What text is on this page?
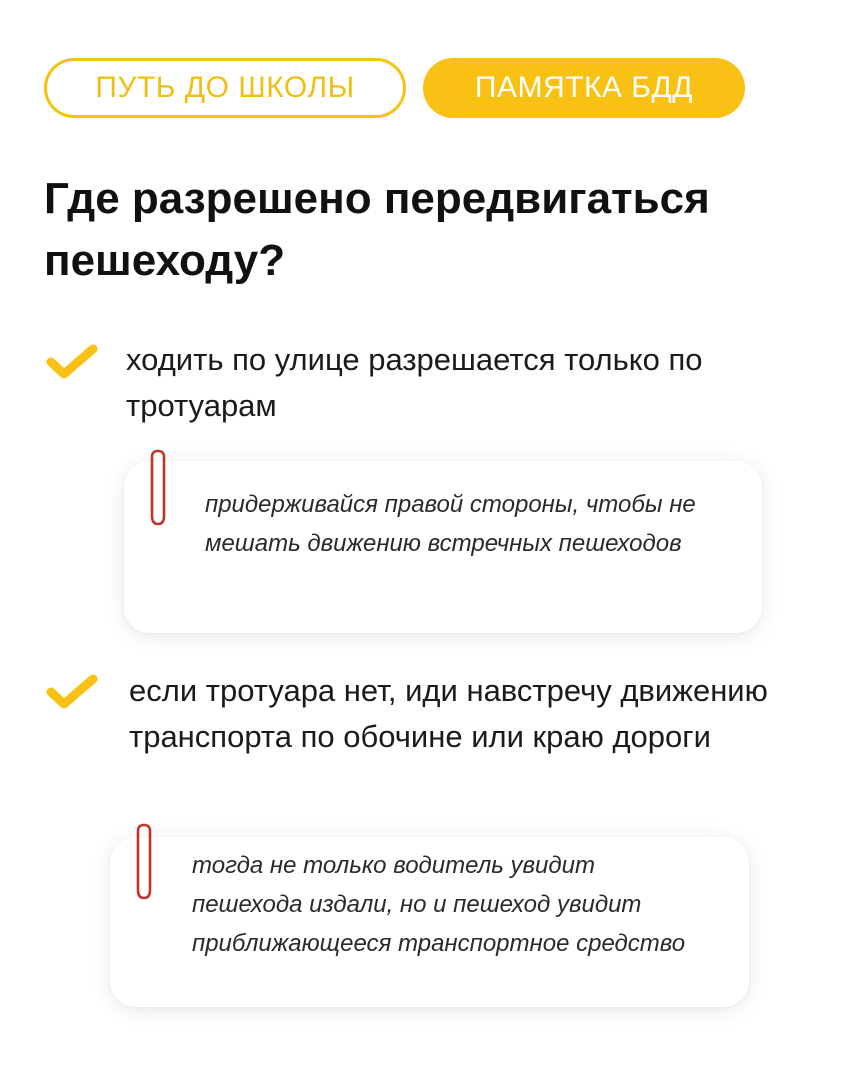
ПУТЬ ДО ШКОЛЫ	ПАМЯТКА БДД
Где разрешено передвигаться пешеходу?
ходить по улице разрешается только по тротуарам
придерживайся правой стороны, чтобы не мешать движению встречных пешеходов
если тротуара нет, иди навстречу движению транспорта по обочине или краю дороги
тогда не только водитель увидит пешехода издали, но и пешеход увидит приближающееся транспортное средство
